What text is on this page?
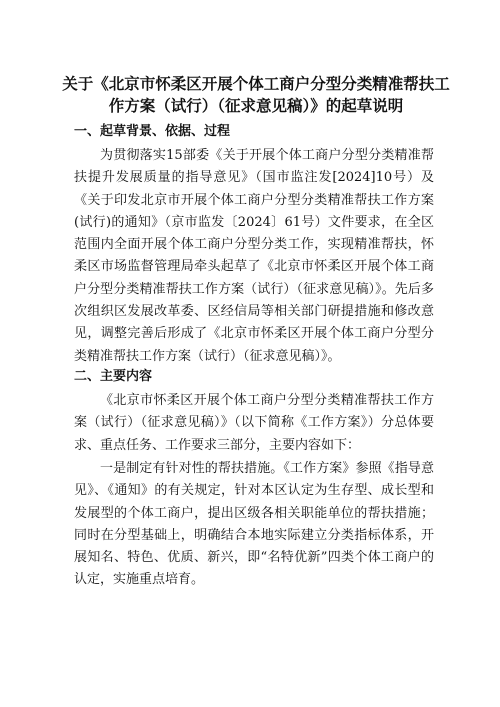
关于《北京市怀柔区开展个体工商户分型分类精准帮扶工作方案（试行）（征求意见稿）》的起草说明
一、起草背景、依据、过程

为贯彻落实15部委《关于开展个体工商户分型分类精准帮扶提升发展质量的指导意见》（国市监注发[2024]10号）及《关于印发北京市开展个体工商户分型分类精准帮扶工作方案(试行)的通知》（京市监发〔2024〕61号）文件要求，在全区范围内全面开展个体工商户分型分类工作，实现精准帮扶，怀柔区市场监督管理局牵头起草了《北京市怀柔区开展个体工商户分型分类精准帮扶工作方案（试行）（征求意见稿）》。先后多次组织区发展改革委、区经信局等相关部门研提措施和修改意见，调整完善后形成了《北京市怀柔区开展个体工商户分型分类精准帮扶工作方案（试行）（征求意见稿）》。

二、主要内容

《北京市怀柔区开展个体工商户分型分类精准帮扶工作方案（试行）（征求意见稿）》（以下简称《工作方案》）分总体要求、重点任务、工作要求三部分，主要内容如下：

一是制定有针对性的帮扶措施。《工作方案》参照《指导意见》、《通知》的有关规定，针对本区认定为生存型、成长型和发展型的个体工商户，提出区级各相关职能单位的帮扶措施；同时在分型基础上，明确结合本地实际建立分类指标体系，开展知名、特色、优质、新兴，即“名特优新”四类个体工商户的认定，实施重点培育。
